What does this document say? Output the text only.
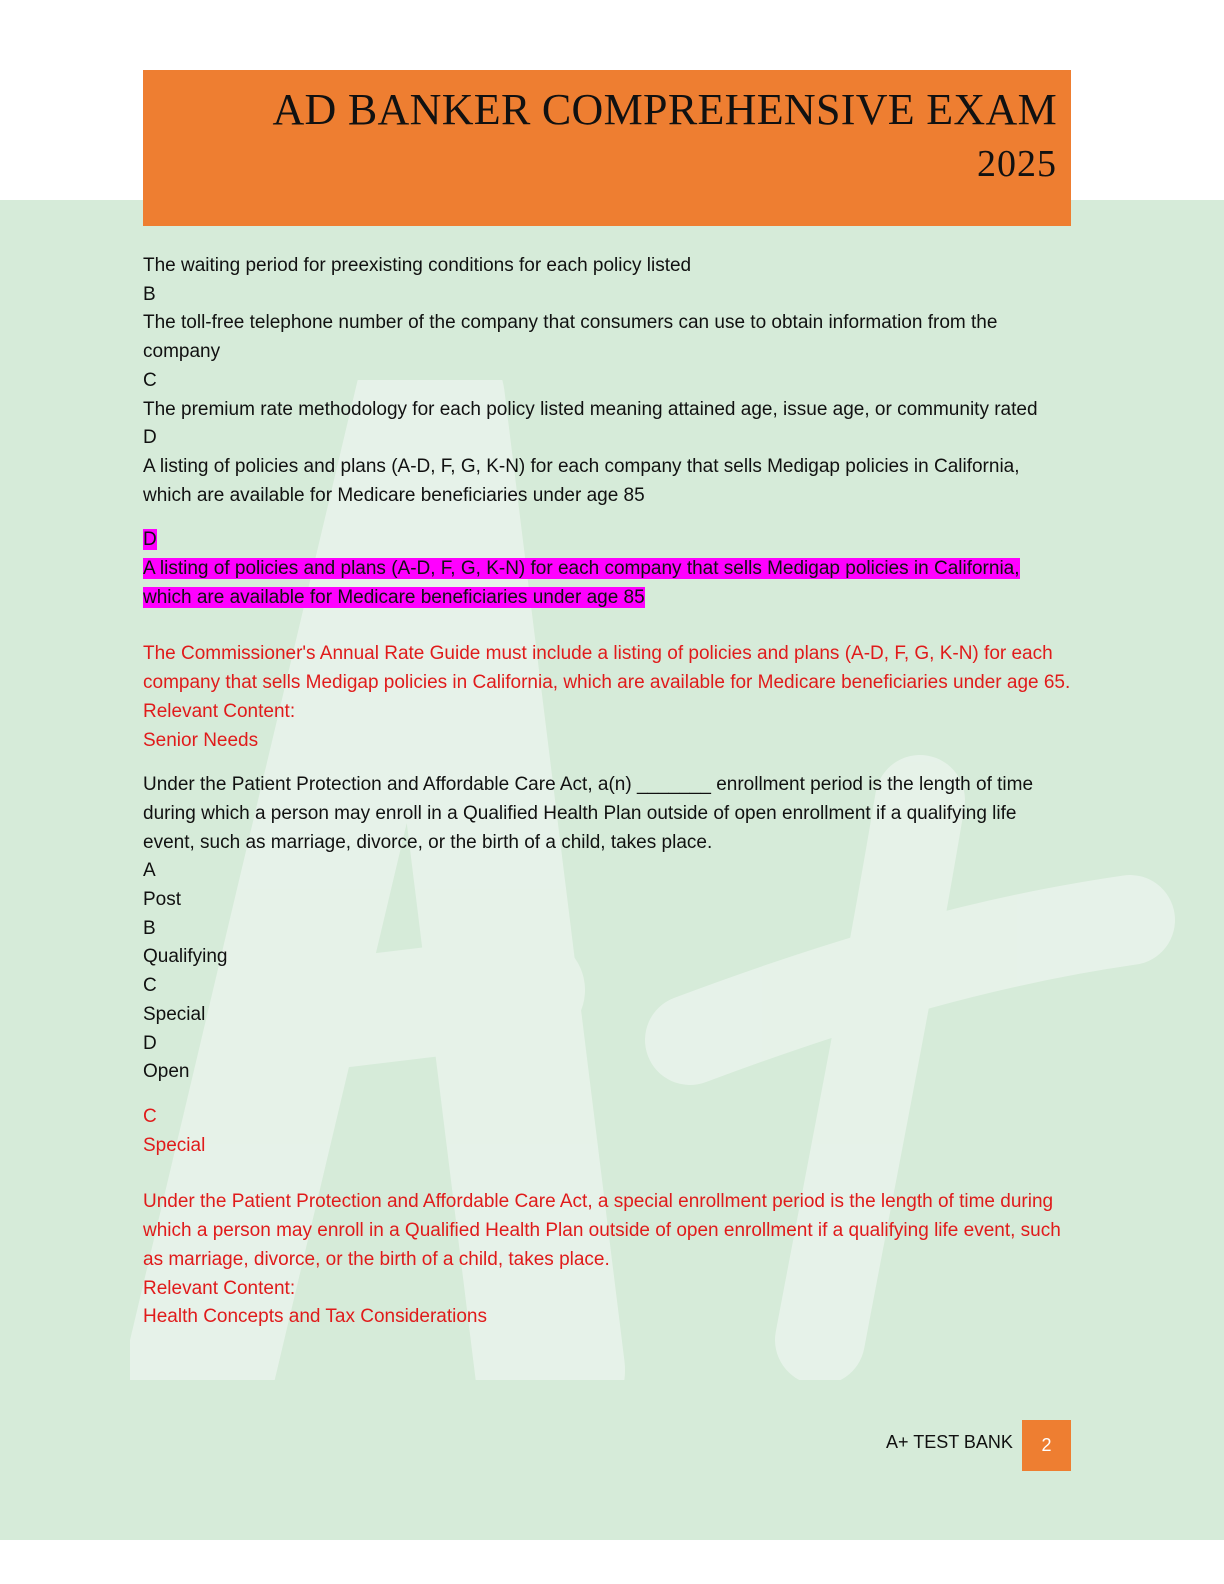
AD BANKER COMPREHENSIVE EXAM
2025
The waiting period for preexisting conditions for each policy listed
B
The toll-free telephone number of the company that consumers can use to obtain information from the company
C
The premium rate methodology for each policy listed meaning attained age, issue age, or community rated
D
A listing of policies and plans (A-D, F, G, K-N) for each company that sells Medigap policies in California, which are available for Medicare beneficiaries under age 85
D
A listing of policies and plans (A-D, F, G, K-N) for each company that sells Medigap policies in California, which are available for Medicare beneficiaries under age 85
The Commissioner's Annual Rate Guide must include a listing of policies and plans (A-D, F, G, K-N) for each company that sells Medigap policies in California, which are available for Medicare beneficiaries under age 65.
Relevant Content:
Senior Needs
Under the Patient Protection and Affordable Care Act, a(n) _______ enrollment period is the length of time during which a person may enroll in a Qualified Health Plan outside of open enrollment if a qualifying life event, such as marriage, divorce, or the birth of a child, takes place.
A
Post
B
Qualifying
C
Special
D
Open
C
Special
Under the Patient Protection and Affordable Care Act, a special enrollment period is the length of time during which a person may enroll in a Qualified Health Plan outside of open enrollment if a qualifying life event, such as marriage, divorce, or the birth of a child, takes place.
Relevant Content:
Health Concepts and Tax Considerations
A+ TEST BANK	2
